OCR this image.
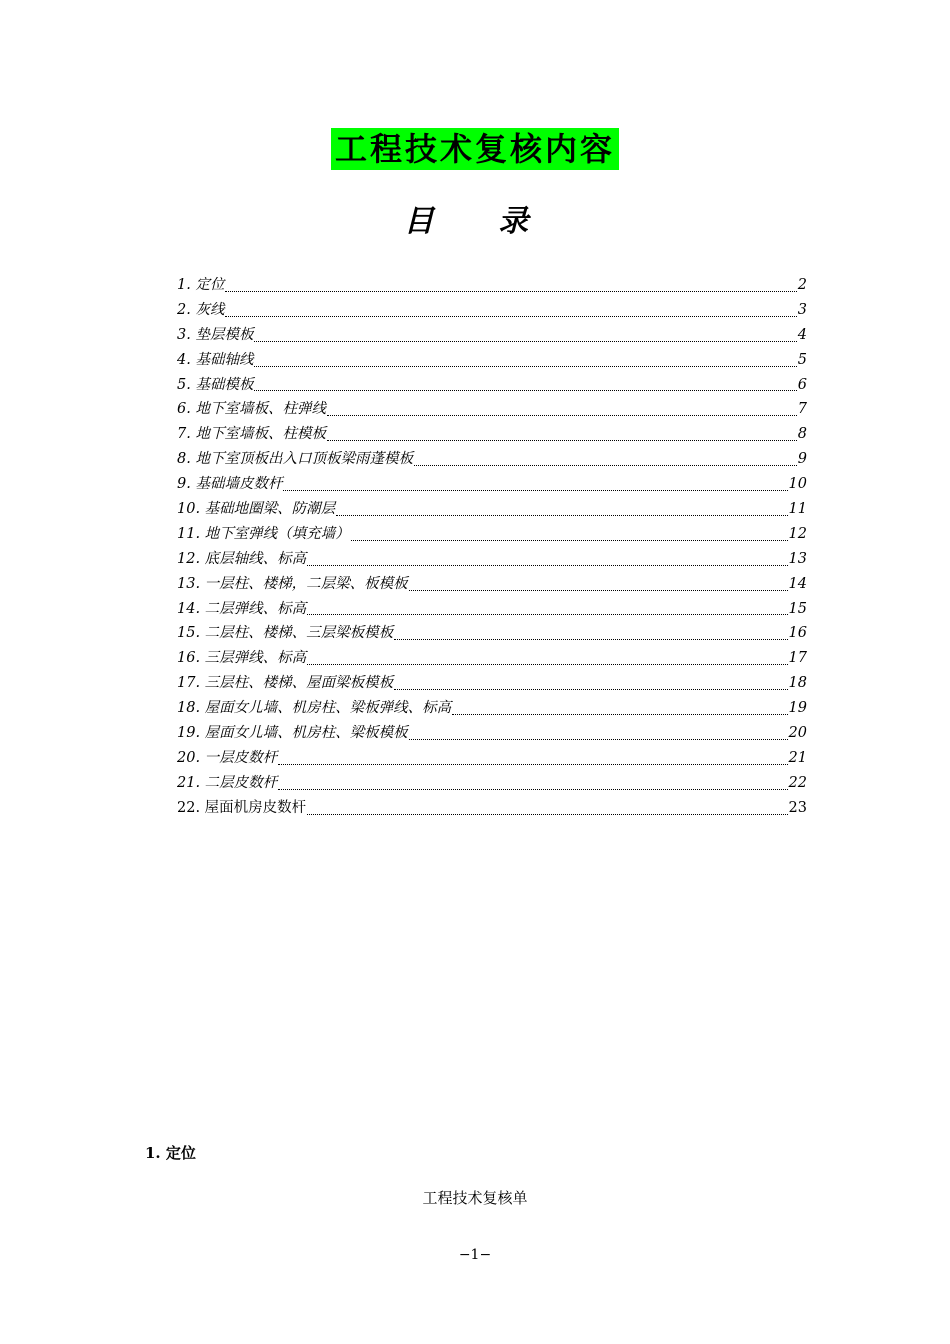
工程技术复核内容
目 录
1. 定位	2
2. 灰线	3
3. 垫层模板	4
4. 基础轴线	5
5. 基础模板	6
6. 地下室墙板、柱弹线	7
7. 地下室墙板、柱模板	8
8. 地下室顶板出入口顶板梁雨蓬模板	9
9. 基础墙皮数杆	10
10. 基础地圈梁、防潮层	11
11. 地下室弹线（填充墙）	12
12. 底层轴线、标高	13
13. 一层柱、楼梯，二层梁、板模板	14
14. 二层弹线、标高	15
15. 二层柱、楼梯、三层梁板模板	16
16. 三层弹线、标高	17
17. 三层柱、楼梯、屋面梁板模板	18
18. 屋面女儿墙、机房柱、梁板弹线、标高	19
19. 屋面女儿墙、机房柱、梁板模板	20
20. 一层皮数杆	21
21. 二层皮数杆	22
22. 屋面机房皮数杆	23
1. 定位
工程技术复核单
−1−
